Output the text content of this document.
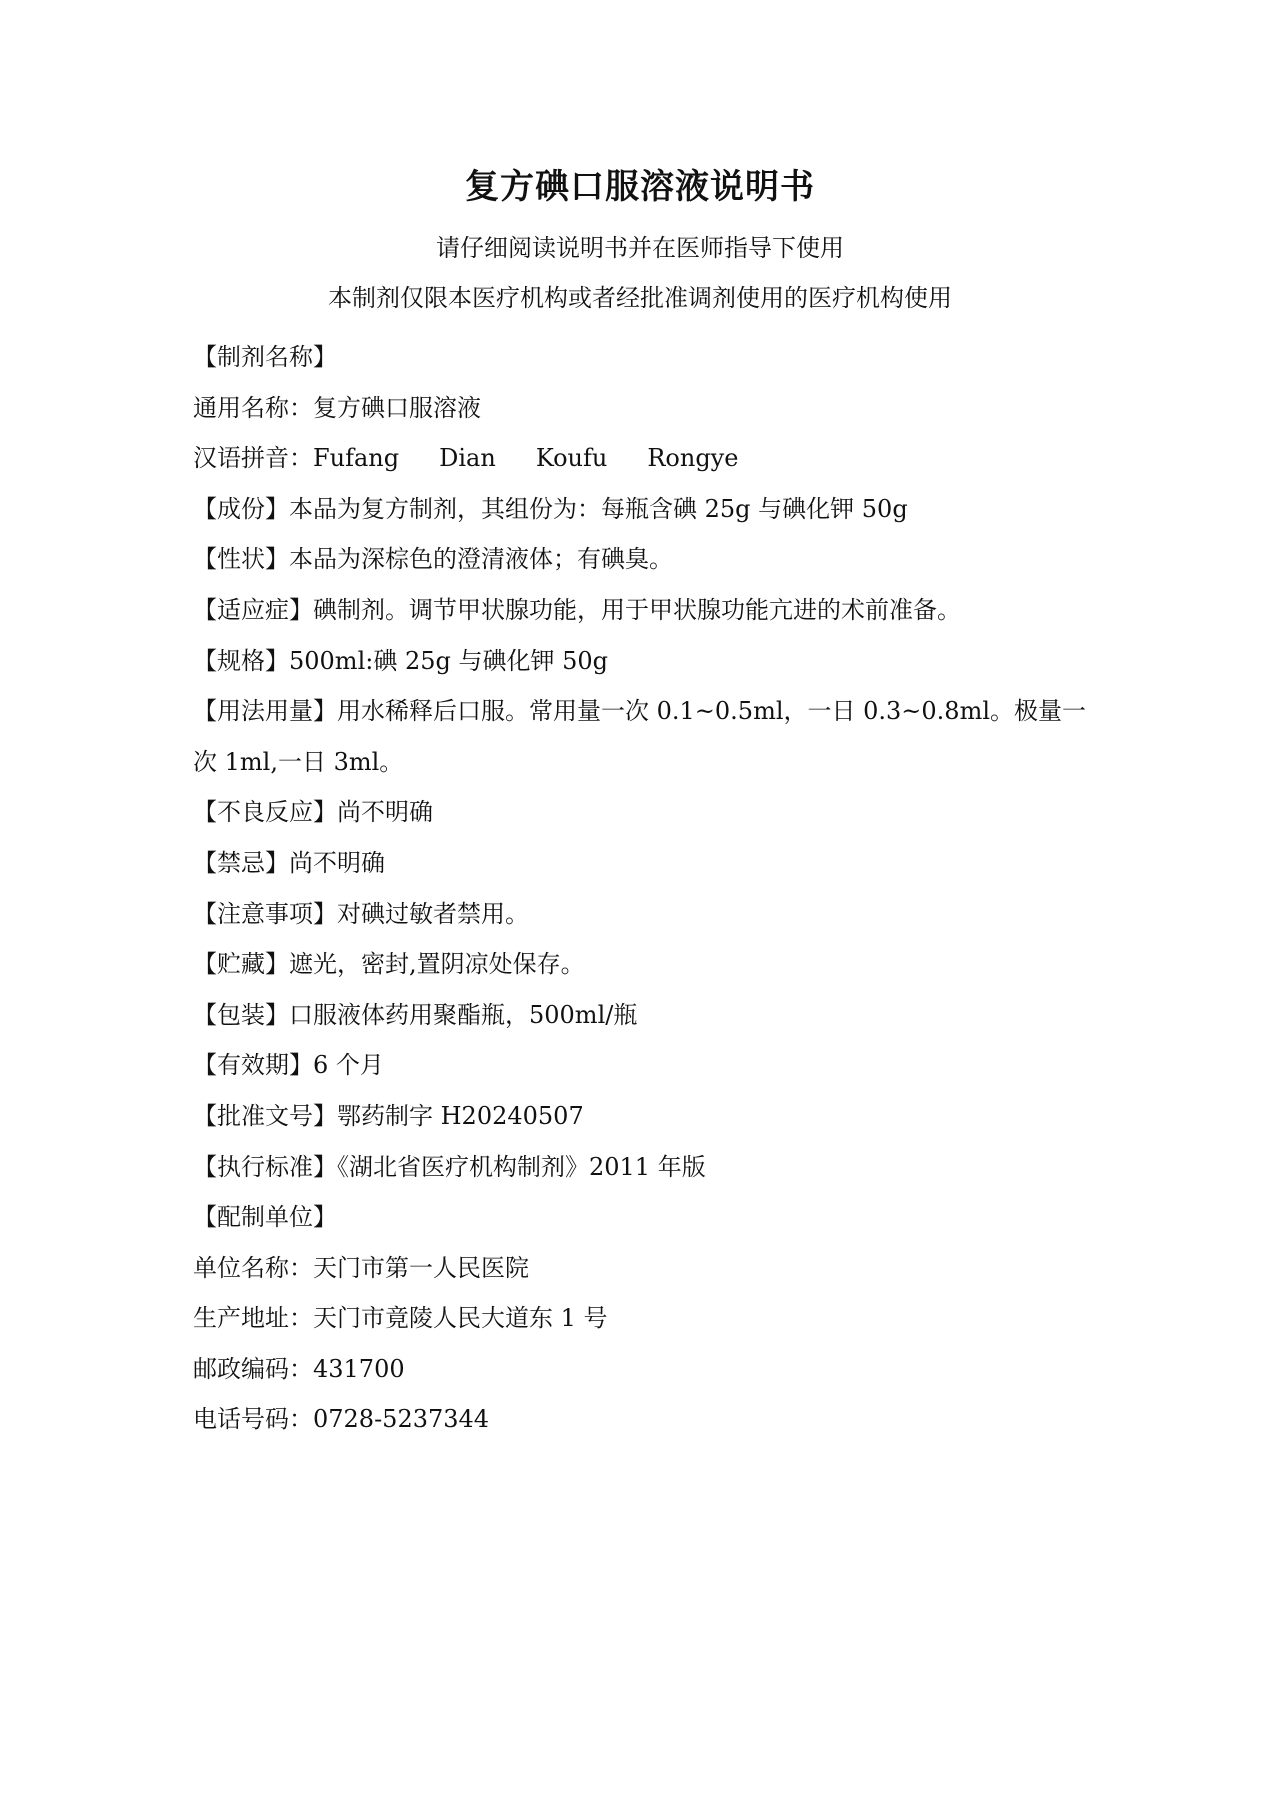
复方碘口服溶液说明书
请仔细阅读说明书并在医师指导下使用
本制剂仅限本医疗机构或者经批准调剂使用的医疗机构使用
【制剂名称】
通用名称：复方碘口服溶液
汉语拼音：Fufang Dian Koufu Rongye
【成份】本品为复方制剂，其组份为：每瓶含碘 25g 与碘化钾 50g
【性状】本品为深棕色的澄清液体；有碘臭。
【适应症】碘制剂。调节甲状腺功能，用于甲状腺功能亢进的术前准备。
【规格】500ml:碘 25g 与碘化钾 50g
【用法用量】用水稀释后口服。常用量一次 0.1~0.5ml，一日 0.3~0.8ml。极量一
次 1ml,一日 3ml。
【不良反应】尚不明确
【禁忌】尚不明确
【注意事项】对碘过敏者禁用。
【贮藏】遮光，密封,置阴凉处保存。
【包装】口服液体药用聚酯瓶，500ml/瓶
【有效期】6 个月
【批准文号】鄂药制字 H20240507
【执行标准】《湖北省医疗机构制剂》2011 年版
【配制单位】
单位名称：天门市第一人民医院
生产地址：天门市竟陵人民大道东 1 号
邮政编码：431700
电话号码：0728-5237344
